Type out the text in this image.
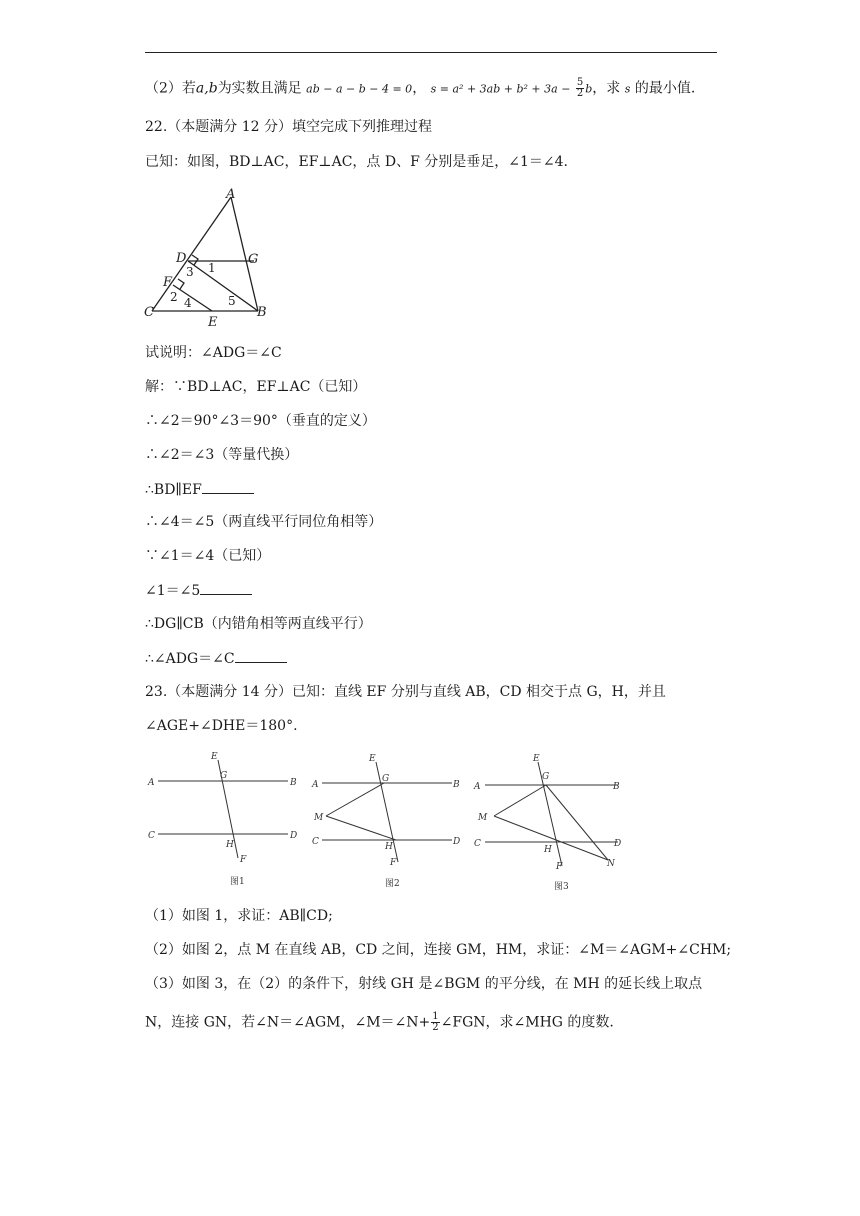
（2）若a,b为实数且满足 ab − a − b − 4 = 0， $s = a^2 + 3ab + b^2 + 3a - \frac{5}{2}$ b，求 s 的最小值.
22.（本题满分 12 分）填空完成下列推理过程
已知：如图，BD⊥AC，EF⊥AC，点 D、F 分别是垂足，∠1＝∠4.
A
D	G
F
C	B
E
1
3
2 4	5
试说明：∠ADG＝∠C
解：∵BD⊥AC，EF⊥AC（已知）
∴∠2＝90°∠3＝90°（垂直的定义）
∴∠2＝∠3（等量代换）
∴BD∥EF
∴∠4＝∠5（两直线平行同位角相等）
∵∠1＝∠4（已知）
∠1＝∠5
∴DG∥CB（内错角相等两直线平行）
∴∠ADG＝∠C
23.（本题满分 14 分）已知：直线 EF 分别与直线 AB，CD 相交于点 G，H，并且
∠AGE+∠DHE＝180°.
A	B
C	D
E
G
H
F
A	B
C	D
E
G
H
F
M
A	B
C	D
E
G
H
F
M
N
图1	图2	图3
（1）如图 1，求证：AB∥CD;
（2）如图 2，点 M 在直线 AB，CD 之间，连接 GM，HM，求证：∠M＝∠AGM+∠CHM;
（3）如图 3，在（2）的条件下，射线 GH 是∠BGM 的平分线，在 MH 的延长线上取点
N，连接 GN，若∠N＝∠AGM，∠M＝∠N+ $\frac{1}{2}$ ∠FGN，求∠MHG 的度数.
